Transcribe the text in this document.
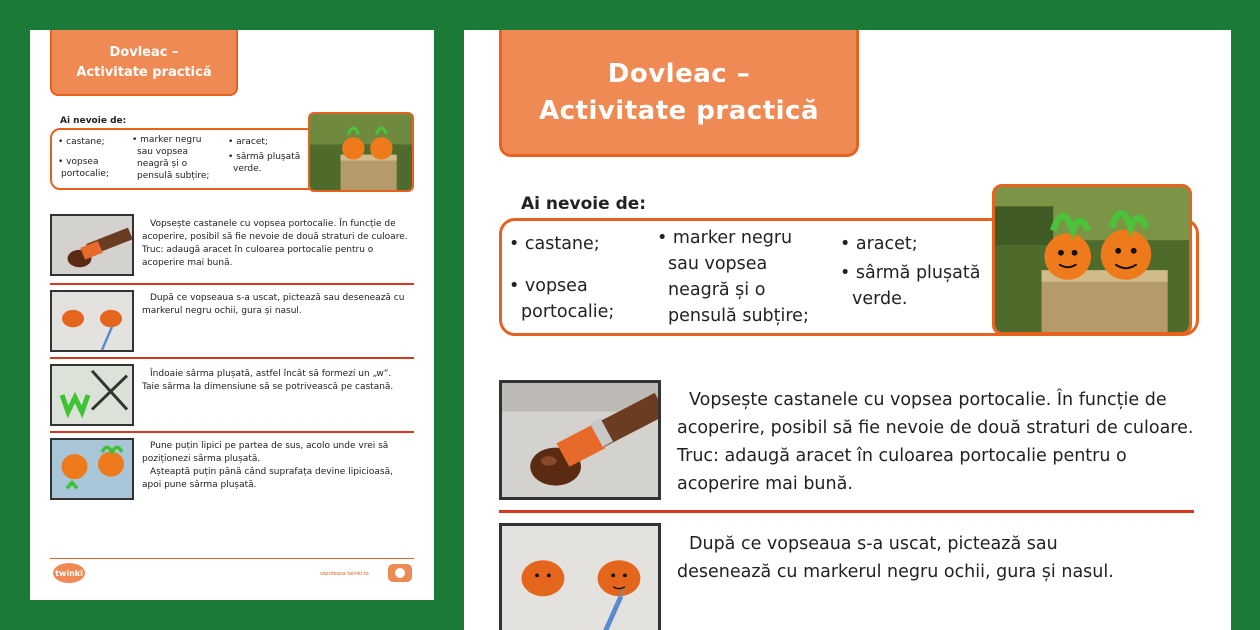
Dovleac –
Activitate practică
Ai nevoie de:
• castane;
• vopsea
portocalie;
• marker negru
sau vopsea
neagră și o
pensulă subțire;
• aracet;
• sârmă plușată
verde.
Vopsește castanele cu vopsea portocalie. În funcție de acoperire, posibil să fie nevoie de două straturi de culoare. Truc: adaugă aracet în culoarea portocalie pentru o acoperire mai bună.
După ce vopseaua s-a uscat, pictează sau desenează cu markerul negru ochii, gura și nasul.
Îndoaie sârma plușată, astfel încât să formezi un „w”.
Taie sârma la dimensiune să se potrivească pe castană.
Pune puțin lipici pe partea de sus, acolo unde vrei să poziționezi sârma plușată.
Așteaptă puțin până când suprafața devine lipicioasă, apoi pune sârma plușată.
twinkl	văzuteaza twinkl.ro
Dovleac –
Activitate practică
Ai nevoie de:
• castane;
• vopsea
portocalie;
• marker negru
sau vopsea
neagră și o
pensulă subțire;
• aracet;
• sârmă plușată
verde.
Vopsește castanele cu vopsea portocalie. În funcție de acoperire, posibil să fie nevoie de două straturi de culoare. Truc: adaugă aracet în culoarea portocalie pentru o acoperire mai bună.
După ce vopseaua s-a uscat, pictează sau desenează cu markerul negru ochii, gura și nasul.
